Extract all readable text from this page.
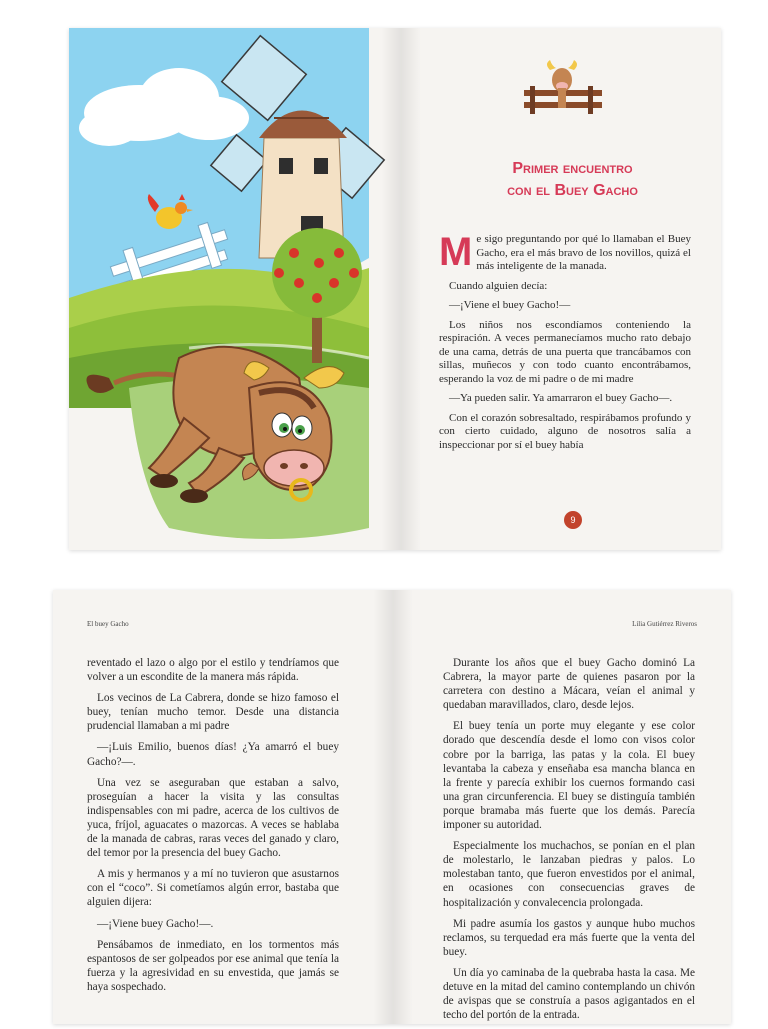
Primer encuentro
con el Buey Gacho

Me sigo preguntando por qué lo llamaban el Buey Gacho, era el más bravo de los novillos, quizá el más inteligente de la manada.

Cuando alguien decía:

—¡Viene el buey Gacho!—

Los niños nos escondíamos conteniendo la respiración. A veces permanecíamos mucho rato debajo de una cama, detrás de una puerta que trancábamos con sillas, muñecos y con todo cuanto encontrábamos, esperando la voz de mi padre o de mi madre

—Ya pueden salir. Ya amarraron el buey Gacho—.

Con el corazón sobresaltado, respirábamos profundo y con cierto cuidado, alguno de nosotros salía a inspeccionar por sí el buey había

9
El buey Gacho	Lilia Gutiérrez Riveros

reventado el lazo o algo por el estilo y tendríamos que volver a un escondite de la manera más rápida.

Los vecinos de La Cabrera, donde se hizo famoso el buey, tenían mucho temor. Desde una distancia prudencial llamaban a mi padre

—¡Luis Emilio, buenos días! ¿Ya amarró el buey Gacho?—.

Una vez se aseguraban que estaban a salvo, proseguían a hacer la visita y las consultas indispensables con mi padre, acerca de los cultivos de yuca, fríjol, aguacates o mazorcas. A veces se hablaba de la manada de cabras, raras veces del ganado y claro, del temor por la presencia del buey Gacho.

A mis y hermanos y a mí no tuvieron que asustarnos con el “coco”. Si cometíamos algún error, bastaba que alguien dijera:

—¡Viene buey Gacho!—.

Pensábamos de inmediato, en los tormentos más espantosos de ser golpeados por ese animal que tenía la fuerza y la agresividad en su envestida, que jamás se haya sospechado.

Durante los años que el buey Gacho dominó La Cabrera, la mayor parte de quienes pasaron por la carretera con destino a Mácara, veían el animal y quedaban maravillados, claro, desde lejos.

El buey tenía un porte muy elegante y ese color dorado que descendía desde el lomo con visos color cobre por la barriga, las patas y la cola. El buey levantaba la cabeza y enseñaba esa mancha blanca en la frente y parecía exhibir los cuernos formando casi una gran circunferencia. El buey se distinguía también porque bramaba más fuerte que los demás. Parecía imponer su autoridad.

Especialmente los muchachos, se ponían en el plan de molestarlo, le lanzaban piedras y palos. Lo molestaban tanto, que fueron envestidos por el animal, en ocasiones con consecuencias graves de hospitalización y convalecencia prolongada.

Mi padre asumía los gastos y aunque hubo muchos reclamos, su terquedad era más fuerte que la venta del buey.

Un día yo caminaba de la quebraba hasta la casa. Me detuve en la mitad del camino contemplando un chivón de avispas que se construía a pasos agigantados en el techo del portón de la entrada.
